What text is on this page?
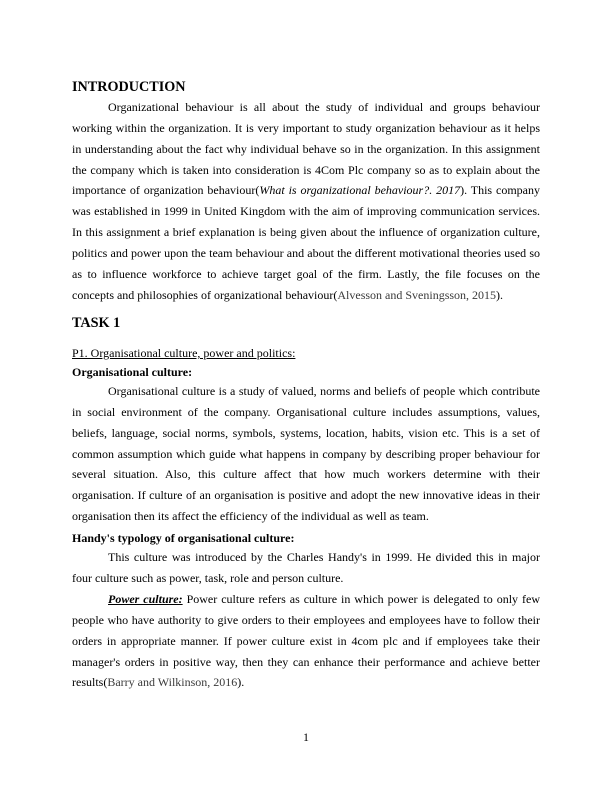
INTRODUCTION

Organizational behaviour is all about the study of individual and groups behaviour working within the organization. It is very important to study organization behaviour as it helps in understanding about the fact why individual behave so in the organization. In this assignment the company which is taken into consideration is 4Com Plc company so as to explain about the importance of organization behaviour(What is organizational behaviour?. 2017). This company was established in 1999 in United Kingdom with the aim of improving communication services. In this assignment a brief explanation is being given about the influence of organization culture, politics and power upon the team behaviour and about the different motivational theories used so as to influence workforce to achieve target goal of the firm. Lastly, the file focuses on the concepts and philosophies of organizational behaviour(Alvesson and Sveningsson, 2015).

TASK 1
P1. Organisational culture, power and politics:
Organisational culture:

Organisational culture is a study of valued, norms and beliefs of people which contribute in social environment of the company. Organisational culture includes assumptions, values, beliefs, language, social norms, symbols, systems, location, habits, vision etc. This is a set of common assumption which guide what happens in company by describing proper behaviour for several situation. Also, this culture affect that how much workers determine with their organisation. If culture of an organisation is positive and adopt the new innovative ideas in their organisation then its affect the efficiency of the individual as well as team.

Handy's typology of organisational culture:

This culture was introduced by the Charles Handy's in 1999. He divided this in major four culture such as power, task, role and person culture.

Power culture: Power culture refers as culture in which power is delegated to only few people who have authority to give orders to their employees and employees have to follow their orders in appropriate manner. If power culture exist in 4com plc and if employees take their manager's orders in positive way, then they can enhance their performance and achieve better results(Barry and Wilkinson, 2016).

1
